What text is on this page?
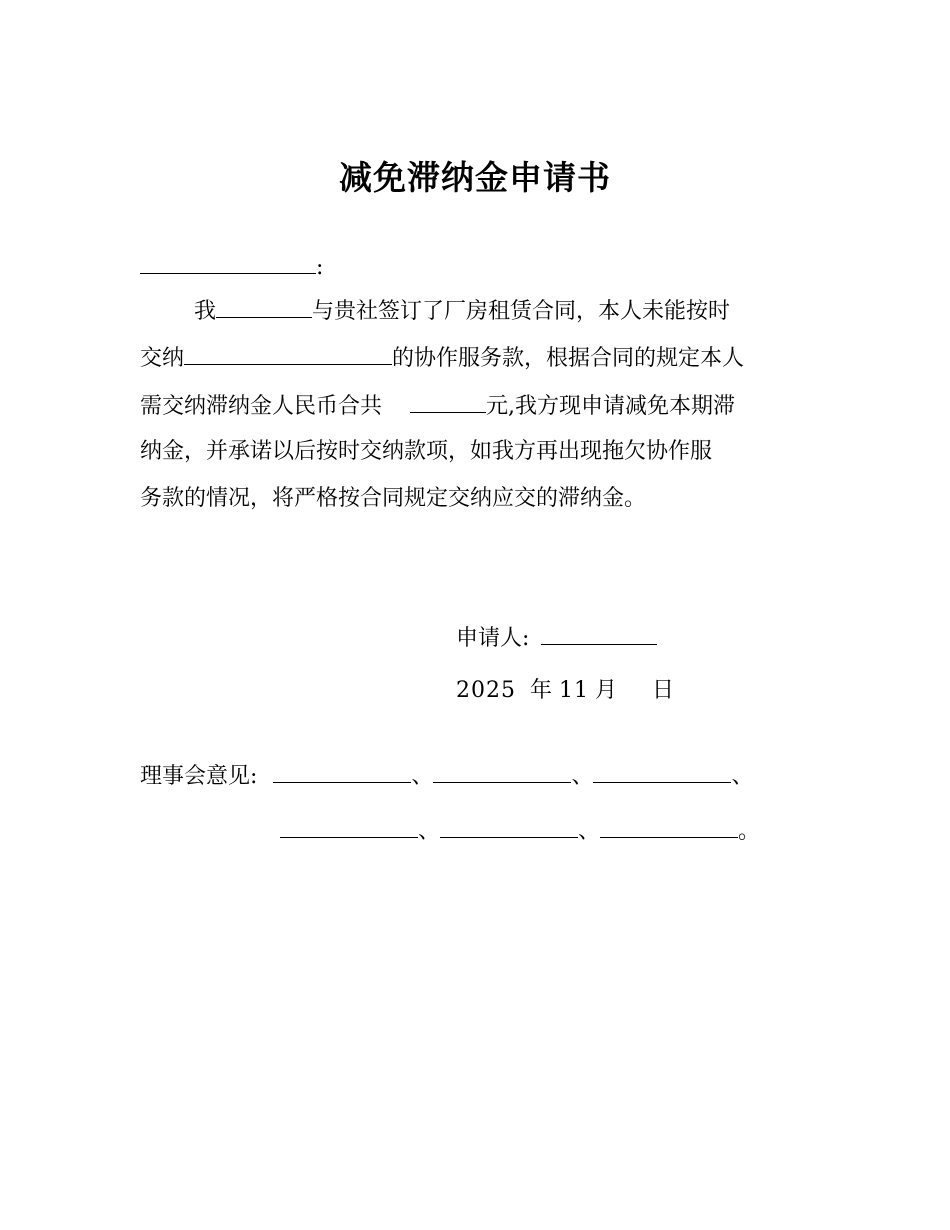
减免滞纳金申请书
:
我	与贵社签订了厂房租赁合同，本人未能按时
交纳	的协作服务款，根据合同的规定本人
需交纳滞纳金人民币合共	元,我方现申请减免本期滞
纳金，并承诺以后按时交纳款项，如我方再出现拖欠协作服
务款的情况，将严格按合同规定交纳应交的滞纳金。
申请人:
2025 年 11 月 日
理事会意见:	、	、	、
、	、	。
